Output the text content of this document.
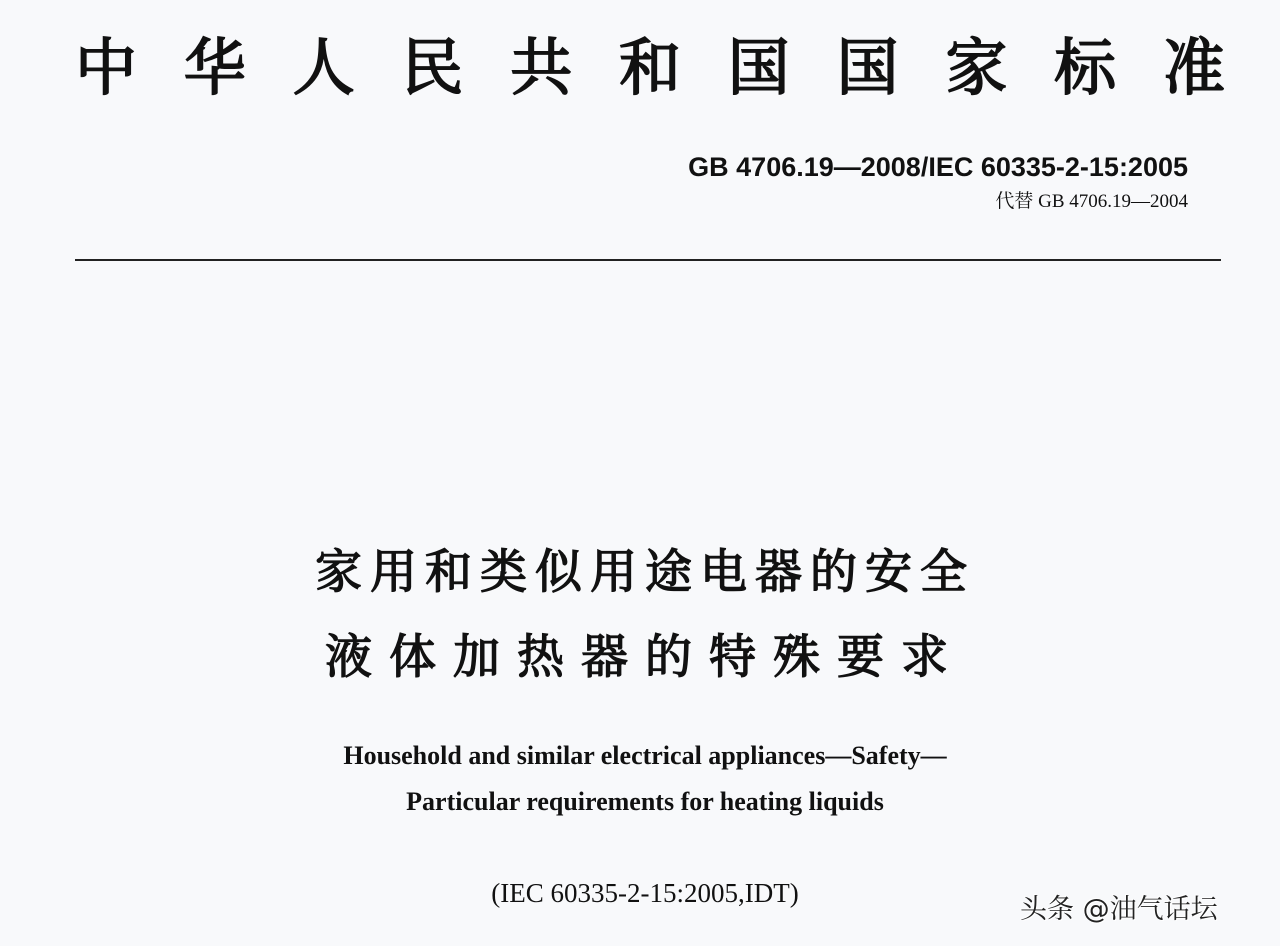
中 华 人 民 共 和 国 国 家 标 准
GB 4706.19—2008/IEC 60335-2-15:2005
代替 GB 4706.19—2004
家用和类似用途电器的安全
液体加热器的特殊要求
Household and similar electrical appliances—Safety—
Particular requirements for heating liquids
(IEC 60335-2-15:2005,IDT)
头条 @油气话坛
